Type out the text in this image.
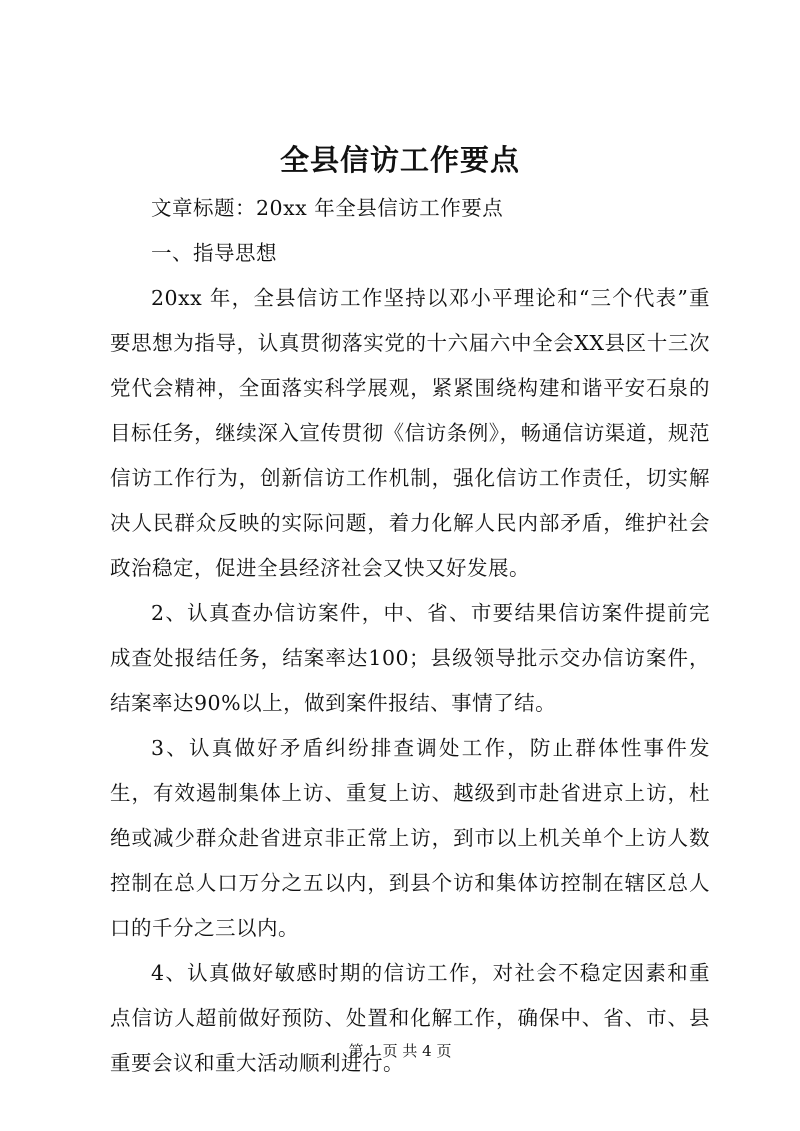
全县信访工作要点

文章标题：20xx 年全县信访工作要点

一、指导思想

20xx 年，全县信访工作坚持以邓小平理论和“三个代表”重要思想为指导，认真贯彻落实党的十六届六中全会XX县区十三次党代会精神，全面落实科学展观，紧紧围绕构建和谐平安石泉的目标任务，继续深入宣传贯彻《信访条例》，畅通信访渠道，规范信访工作行为，创新信访工作机制，强化信访工作责任，切实解决人民群众反映的实际问题，着力化解人民内部矛盾，维护社会政治稳定，促进全县经济社会又快又好发展。

2、认真查办信访案件，中、省、市要结果信访案件提前完成查处报结任务，结案率达100；县级领导批示交办信访案件，结案率达90%以上，做到案件报结、事情了结。

3、认真做好矛盾纠纷排查调处工作，防止群体性事件发生，有效遏制集体上访、重复上访、越级到市赴省进京上访，杜绝或减少群众赴省进京非正常上访，到市以上机关单个上访人数控制在总人口万分之五以内，到县个访和集体访控制在辖区总人口的千分之三以内。

4、认真做好敏感时期的信访工作，对社会不稳定因素和重点信访人超前做好预防、处置和化解工作，确保中、省、市、县重要会议和重大活动顺利进行。

第 1 页 共 4 页
